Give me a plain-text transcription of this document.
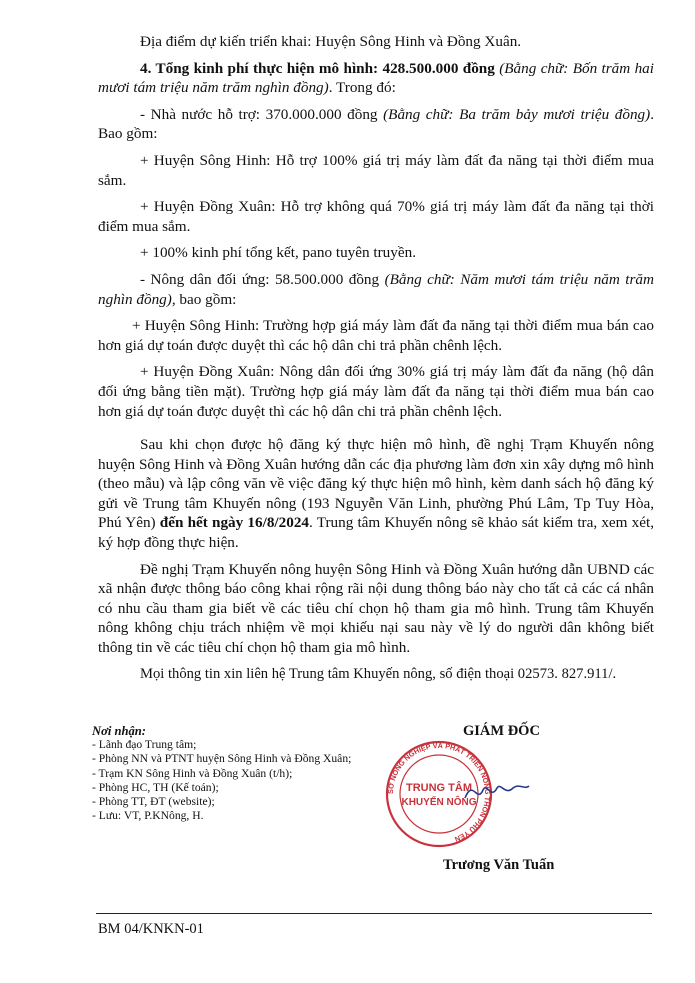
Địa điểm dự kiến triển khai: Huyện Sông Hinh và Đồng Xuân.

4. Tổng kinh phí thực hiện mô hình: 428.500.000 đồng (Bằng chữ: Bốn trăm hai mươi tám triệu năm trăm nghìn đồng). Trong đó:

- Nhà nước hỗ trợ: 370.000.000 đồng (Bằng chữ: Ba trăm bảy mươi triệu đồng). Bao gồm:

+ Huyện Sông Hinh: Hỗ trợ 100% giá trị máy làm đất đa năng tại thời điểm mua sắm.

+ Huyện Đồng Xuân: Hỗ trợ không quá 70% giá trị máy làm đất đa năng tại thời điểm mua sắm.

+ 100% kinh phí tổng kết, pano tuyên truyền.

- Nông dân đối ứng: 58.500.000 đồng (Bằng chữ: Năm mươi tám triệu năm trăm nghìn đồng), bao gồm:

+ Huyện Sông Hinh: Trường hợp giá máy làm đất đa năng tại thời điểm mua bán cao hơn giá dự toán được duyệt thì các hộ dân chi trả phần chênh lệch.

+ Huyện Đồng Xuân: Nông dân đối ứng 30% giá trị máy làm đất đa năng (hộ dân đối ứng bằng tiền mặt). Trường hợp giá máy làm đất đa năng tại thời điểm mua bán cao hơn giá dự toán được duyệt thì các hộ dân chi trả phần chênh lệch.

Sau khi chọn được hộ đăng ký thực hiện mô hình, đề nghị Trạm Khuyến nông huyện Sông Hinh và Đồng Xuân hướng dẫn các địa phương làm đơn xin xây dựng mô hình (theo mẫu) và lập công văn về việc đăng ký thực hiện mô hình, kèm danh sách hộ đăng ký gửi về Trung tâm Khuyến nông (193 Nguyễn Văn Linh, phường Phú Lâm, Tp Tuy Hòa, Phú Yên) đến hết ngày 16/8/2024. Trung tâm Khuyến nông sẽ khảo sát kiểm tra, xem xét, ký hợp đồng thực hiện.

Đề nghị Trạm Khuyến nông huyện Sông Hinh và Đồng Xuân hướng dẫn UBND các xã nhận được thông báo công khai rộng rãi nội dung thông báo này cho tất cả các cá nhân có nhu cầu tham gia biết về các tiêu chí chọn hộ tham gia mô hình. Trung tâm Khuyến nông không chịu trách nhiệm về mọi khiếu nại sau này về lý do người dân không biết thông tin về các tiêu chí chọn hộ tham gia mô hình.

Mọi thông tin xin liên hệ Trung tâm Khuyến nông, số điện thoại 02573. 827.911/.

Nơi nhận:
- Lãnh đạo Trung tâm;
- Phòng NN và PTNT huyện Sông Hinh và Đồng Xuân;
- Trạm KN Sông Hinh và Đồng Xuân (t/h);
- Phòng HC, TH (Kế toán);
- Phòng TT, ĐT (website);
- Lưu: VT, P.KNông, H.
GIÁM ĐỐC
SỞ NÔNG NGHIỆP VÀ PHÁT TRIỂN NÔNG THÔN PHÚ YÊN
TRUNG TÂM
KHUYẾN NÔNG
Trương Văn Tuấn
BM 04/KNKN-01
